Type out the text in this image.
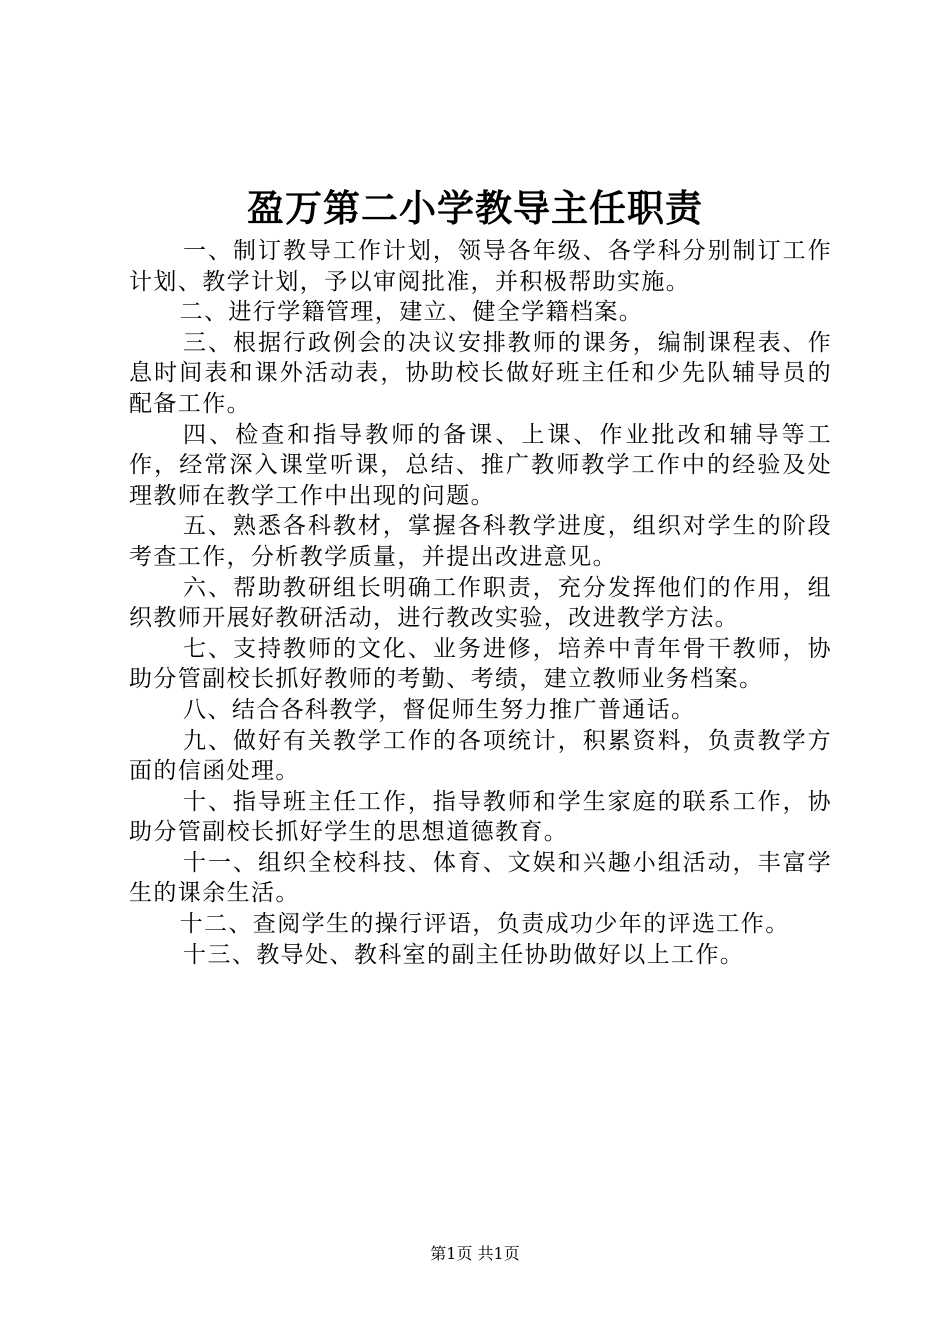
盈万第二小学教导主任职责

一、制订教导工作计划，领导各年级、各学科分别制订工作计划、教学计划，予以审阅批准，并积极帮助实施。

二、进行学籍管理，建立、健全学籍档案。

三、根据行政例会的决议安排教师的课务，编制课程表、作息时间表和课外活动表，协助校长做好班主任和少先队辅导员的配备工作。

四、检查和指导教师的备课、上课、作业批改和辅导等工作，经常深入课堂听课，总结、推广教师教学工作中的经验及处理教师在教学工作中出现的问题。

五、熟悉各科教材，掌握各科教学进度，组织对学生的阶段考查工作，分析教学质量，并提出改进意见。

六、帮助教研组长明确工作职责，充分发挥他们的作用，组织教师开展好教研活动，进行教改实验，改进教学方法。

七、支持教师的文化、业务进修，培养中青年骨干教师，协助分管副校长抓好教师的考勤、考绩，建立教师业务档案。

八、结合各科教学，督促师生努力推广普通话。

九、做好有关教学工作的各项统计，积累资料，负责教学方面的信函处理。

十、指导班主任工作，指导教师和学生家庭的联系工作，协助分管副校长抓好学生的思想道德教育。

十一、组织全校科技、体育、文娱和兴趣小组活动，丰富学生的课余生活。

十二、查阅学生的操行评语，负责成功少年的评选工作。

十三、教导处、教科室的副主任协助做好以上工作。

第1页 共1页
